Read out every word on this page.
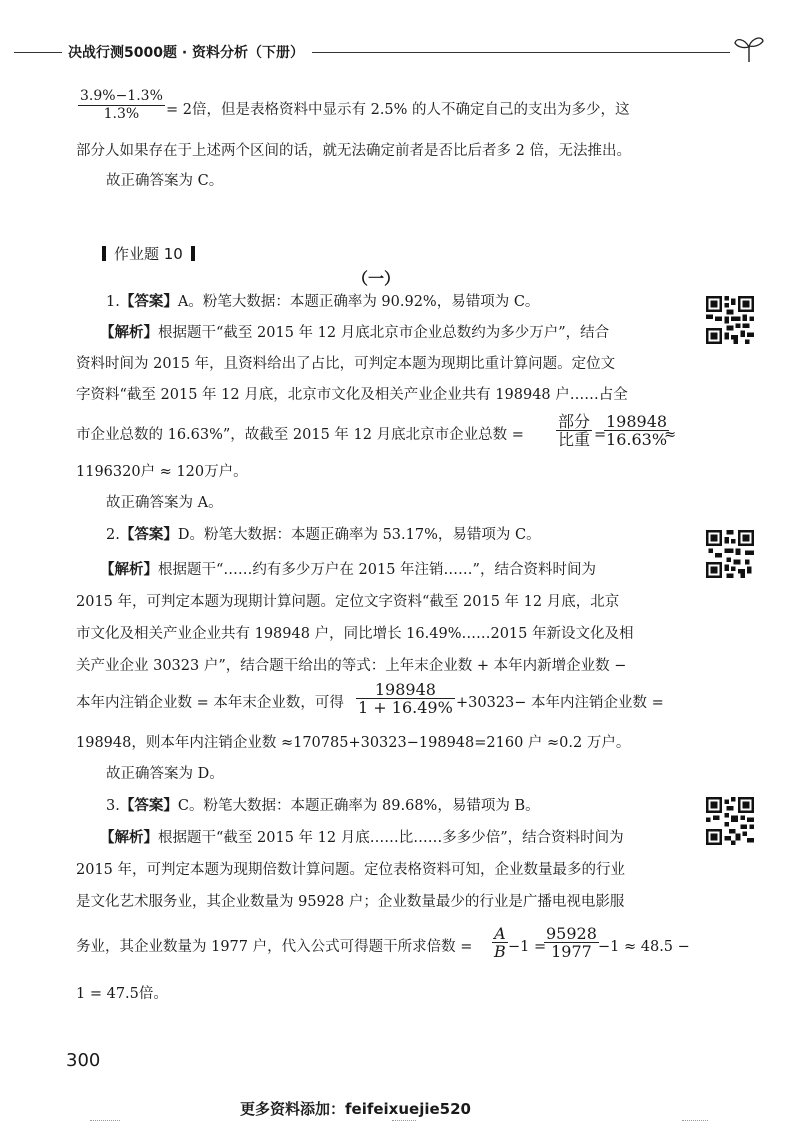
决战行测5000题 · 资料分析（下册）
$\frac{3.9\%-1.3\%}{1.3\%} = 2$倍，但是表格资料中显示有 2.5% 的人不确定自己的支出为多少，这
部分人如果存在于上述两个区间的话，就无法确定前者是否比后者多 2 倍，无法推出。
故正确答案为 C。
作业题 10
（一）
1.【答案】A。粉笔大数据：本题正确率为 90.92%，易错项为 C。
【解析】根据题干“截至 2015 年 12 月底北京市企业总数约为多少万户”，结合
资料时间为 2015 年，且资料给出了占比，可判定本题为现期比重计算问题。定位文
字资料“截至 2015 年 12 月底，北京市文化及相关产业企业共有 198948 户……占全
市企业总数的 16.63%”，故截至 2015 年 12 月底北京市企业总数 =
部分
比重 =
$\frac{198948}{16.63\%}$
≈
1196320户 ≈ 120万户。
故正确答案为 A。
2.【答案】D。粉笔大数据：本题正确率为 53.17%，易错项为 C。
【解析】根据题干“……约有多少万户在 2015 年注销……”，结合资料时间为
2015 年，可判定本题为现期计算问题。定位文字资料“截至 2015 年 12 月底，北京
市文化及相关产业企业共有 198948 户，同比增长 16.49%……2015 年新设文化及相
关产业企业 30323 户”，结合题干给出的等式：上年末企业数 + 本年内新增企业数 −
本年内注销企业数 = 本年末企业数，可得 $\frac{198948}{1 + 16.49\%} +30323-$ 本年内注销企业数 =
198948，则本年内注销企业数 ≈170785+30323−198948=2160 户 ≈0.2 万户。
故正确答案为 D。
3.【答案】C。粉笔大数据：本题正确率为 89.68%，易错项为 B。
【解析】根据题干“截至 2015 年 12 月底……比……多多少倍”，结合资料时间为
2015 年，可判定本题为现期倍数计算问题。定位表格资料可知，企业数量最多的行业
是文化艺术服务业，其企业数量为 95928 户；企业数量最少的行业是广播电视电影服
务业，其企业数量为 1977 户，代入公式可得题干所求倍数 = $\frac{A}{B} -1$ =
$\frac{95928}{1977} -1 \approx 48.5$ −
1 = 47.5倍。
300
更多资料添加：feifeixuejie520
